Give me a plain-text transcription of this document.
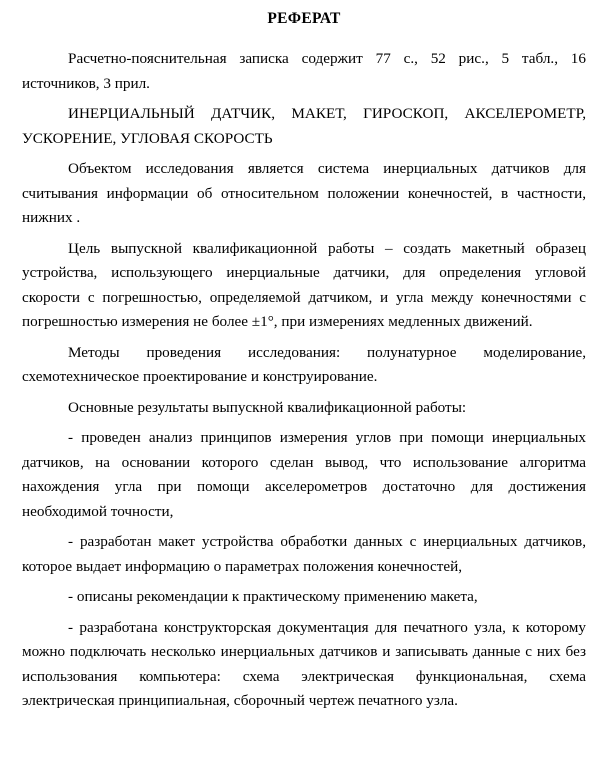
РЕФЕРАТ

Расчетно-пояснительная записка содержит 77 с., 52 рис., 5 табл., 16 источников, 3 прил.

ИНЕРЦИАЛЬНЫЙ ДАТЧИК, МАКЕТ, ГИРОСКОП, АКСЕЛЕРОМЕТР, УСКОРЕНИЕ, УГЛОВАЯ СКОРОСТЬ

Объектом исследования является система инерциальных датчиков для считывания информации об относительном положении конечностей, в частности, нижних .

Цель выпускной квалификационной работы – создать макетный образец устройства, использующего инерциальные датчики, для определения угловой скорости с погрешностью, определяемой датчиком, и угла между конечностями с погрешностью измерения не более ±1°, при измерениях медленных движений.

Методы проведения исследования: полунатурное моделирование, схемотехническое проектирование и конструирование.

Основные результаты выпускной квалификационной работы:

- проведен анализ принципов измерения углов при помощи инерциальных датчиков, на основании которого сделан вывод, что использование алгоритма нахождения угла при помощи акселерометров достаточно для достижения необходимой точности,

- разработан макет устройства обработки данных с инерциальных датчиков, которое выдает информацию о параметрах положения конечностей,

- описаны рекомендации к практическому применению макета,

- разработана конструкторская документация для печатного узла, к которому можно подключать несколько инерциальных датчиков и записывать данные с них без использования компьютера: схема электрическая функциональная, схема электрическая принципиальная, сборочный чертеж печатного узла.
